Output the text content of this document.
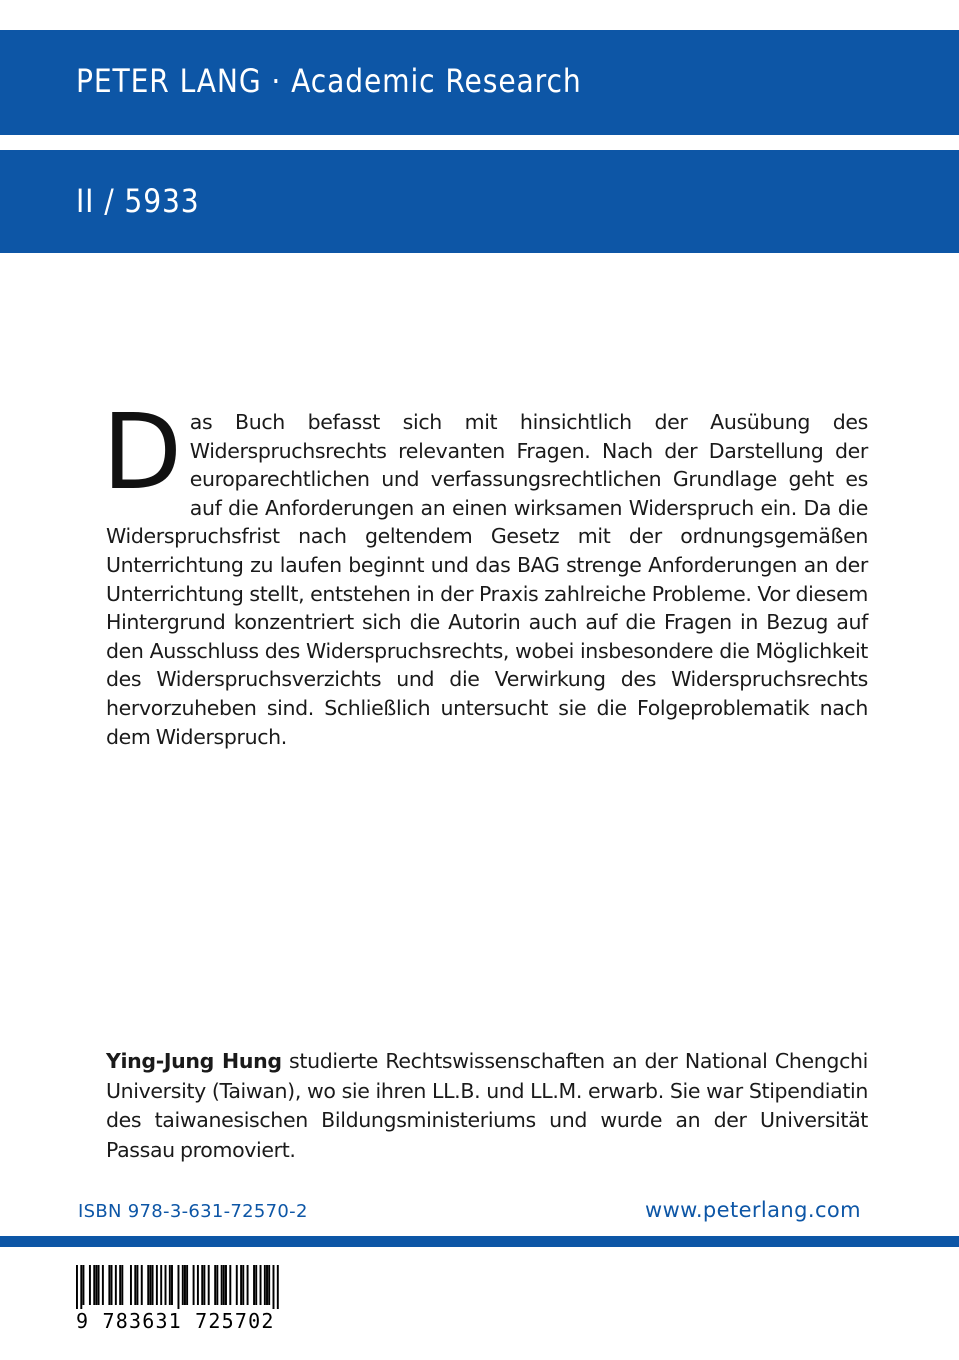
PETER LANG · Academic Research
II / 5933

Das Buch befasst sich mit hinsichtlich der Ausübung des Widerspruchsrechts relevanten Fragen. Nach der Darstellung der europarechtlichen und verfassungsrechtlichen Grundlage geht es auf die Anforderungen an einen wirksamen Widerspruch ein. Da die Widerspruchsfrist nach geltendem Gesetz mit der ordnungsgemäßen Unterrichtung zu laufen beginnt und das BAG strenge Anforderungen an der Unterrichtung stellt, entstehen in der Praxis zahlreiche Probleme. Vor diesem Hintergrund konzentriert sich die Autorin auch auf die Fragen in Bezug auf den Ausschluss des Widerspruchsrechts, wobei insbesondere die Möglichkeit des Widerspruchsverzichts und die Verwirkung des Widerspruchsrechts hervorzuheben sind. Schließlich untersucht sie die Folgeproblematik nach dem Widerspruch.

Ying-Jung Hung studierte Rechtswissenschaften an der National Chengchi University (Taiwan), wo sie ihren LL.B. und LL.M. erwarb. Sie war Stipendiatin des taiwanesischen Bildungsministeriums und wurde an der Universität Passau promoviert.

ISBN 978-3-631-72570-2	www.peterlang.com
9 783631 725702
